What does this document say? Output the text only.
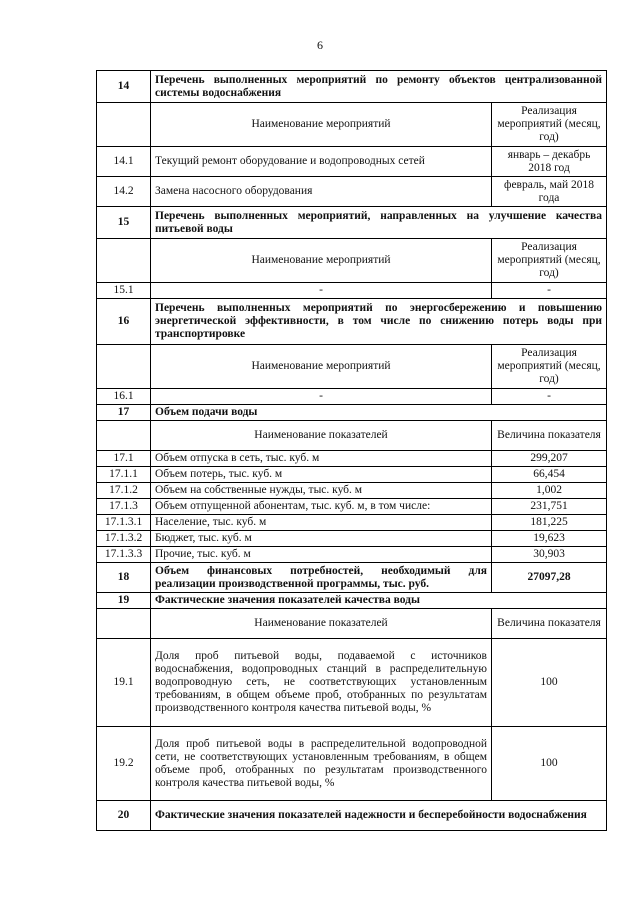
6
14	Перечень выполненных мероприятий по ремонту объектов централизованной системы водоснабжения	
	Наименование мероприятий	Реализация мероприятий (месяц, год)
14.1	Текущий ремонт оборудование и водопроводных сетей	январь – декабрь 2018 год
14.2	Замена насосного оборудования	февраль, май 2018 года
15	Перечень выполненных мероприятий, направленных на улучшение качества питьевой воды	
	Наименование мероприятий	Реализация мероприятий (месяц, год)
15.1	-	-
16	Перечень выполненных мероприятий по энергосбережению и повышению энергетической эффективности, в том числе по снижению потерь воды при транспортировке	
	Наименование мероприятий	Реализация мероприятий (месяц, год)
16.1	-	-
17	Объем подачи воды	
	Наименование показателей	Величина показателя
17.1	Объем отпуска в сеть, тыс. куб. м	299,207
17.1.1	Объем потерь, тыс. куб. м	66,454
17.1.2	Объем на собственные нужды, тыс. куб. м	1,002
17.1.3	Объем отпущенной абонентам, тыс. куб. м, в том числе:	231,751
17.1.3.1	Население, тыс. куб. м	181,225
17.1.3.2	Бюджет, тыс. куб. м	19,623
17.1.3.3	Прочие, тыс. куб. м	30,903
18	Объем финансовых потребностей, необходимый для реализации производственной программы, тыс. руб.	27097,28
19	Фактические значения показателей качества воды	
	Наименование показателей	Величина показателя
19.1	Доля проб питьевой воды, подаваемой с источников водоснабжения, водопроводных станций в распределительную водопроводную сеть, не соответствующих установленным требованиям, в общем объеме проб, отобранных по результатам производственного контроля качества питьевой воды, %	100
19.2	Доля проб питьевой воды в распределительной водопроводной сети, не соответствующих установленным требованиям, в общем объеме проб, отобранных по результатам производственного контроля качества питьевой воды, %	100
20	Фактические значения показателей надежности и бесперебойности водоснабжения	
